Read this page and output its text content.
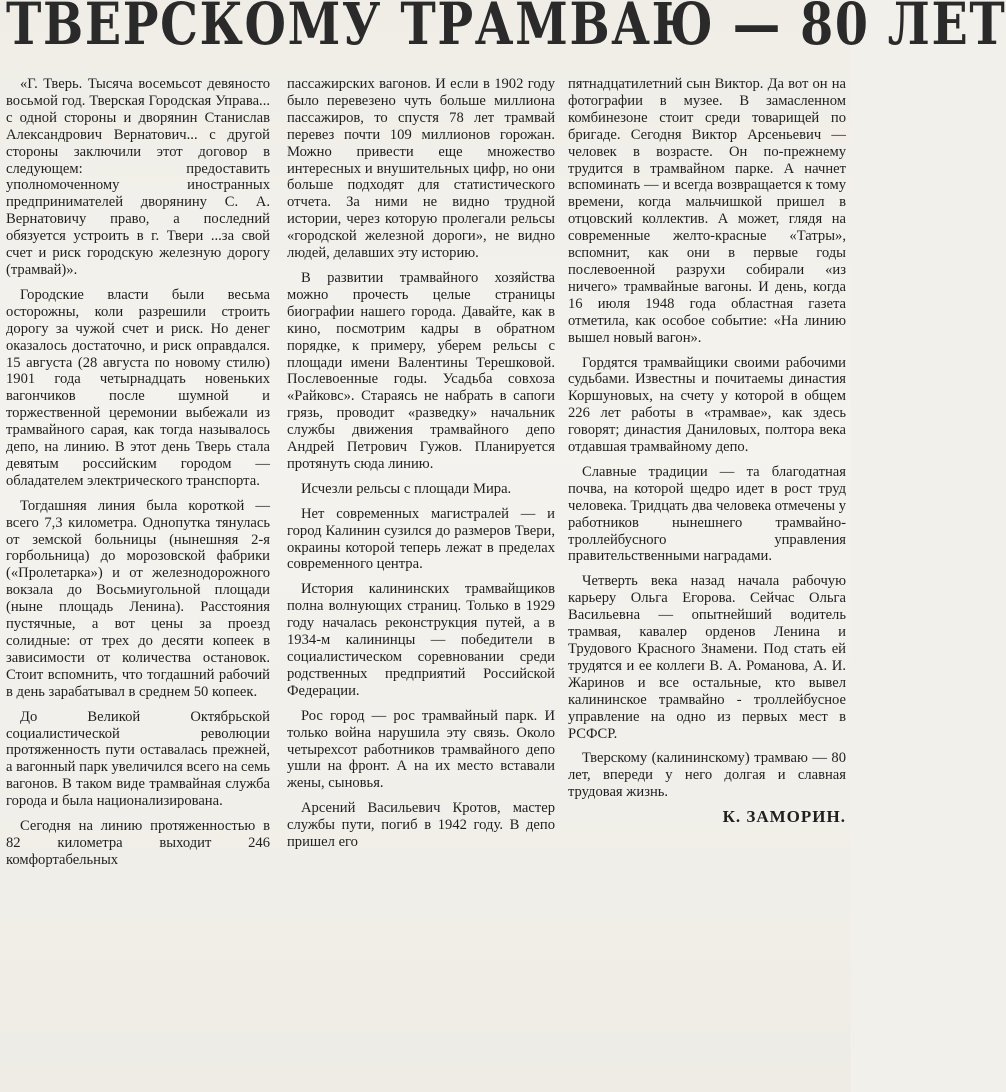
ТВЕРСКОМУ ТРАМВАЮ — 80 ЛЕТ

«Г. Тверь. Тысяча восемьсот девяносто восьмой год. Тверская Городская Управа... с одной стороны и дворянин Станислав Александрович Вернатович... с другой стороны заключили этот договор в следующем: предоставить уполномоченному иностранных предпринимателей дворянину С. А. Вернатовичу право, а последний обязуется устроить в г. Твери ...за свой счет и риск городскую железную дорогу (трамвай)».

Городские власти были весьма осторожны, коли разрешили строить дорогу за чужой счет и риск. Но денег оказалось достаточно, и риск оправдался. 15 августа (28 августа по новому стилю) 1901 года четырнадцать новеньких вагончиков после шумной и торжественной церемонии выбежали из трамвайного сарая, как тогда называлось депо, на линию. В этот день Тверь стала девятым российским городом — обладателем электрического транспорта.

Тогдашняя линия была короткой — всего 7,3 километра. Однопутка тянулась от земской больницы (нынешняя 2-я горбольница) до морозовской фабрики («Пролетарка») и от железнодорожного вокзала до Восьмиугольной площади (ныне площадь Ленина). Расстояния пустячные, а вот цены за проезд солидные: от трех до десяти копеек в зависимости от количества остановок. Стоит вспомнить, что тогдашний рабочий в день зарабатывал в среднем 50 копеек.

До Великой Октябрьской социалистической революции протяженность пути оставалась прежней, а вагонный парк увеличился всего на семь вагонов. В таком виде трамвайная служба города и была национализирована.

Сегодня на линию протяженностью в 82 километра выходит 246 комфортабельных

пассажирских вагонов. И если в 1902 году было перевезено чуть больше миллиона пассажиров, то спустя 78 лет трамвай перевез почти 109 миллионов горожан. Можно привести еще множество интересных и внушительных цифр, но они больше подходят для статистического отчета. За ними не видно трудной истории, через которую пролегали рельсы «городской железной дороги», не видно людей, делавших эту историю.

В развитии трамвайного хозяйства можно прочесть целые страницы биографии нашего города. Давайте, как в кино, посмотрим кадры в обратном порядке, к примеру, уберем рельсы с площади имени Валентины Терешковой. Послевоенные годы. Усадьба совхоза «Райковс». Стараясь не набрать в сапоги грязь, проводит «разведку» начальник службы движения трамвайного депо Андрей Петрович Гужов. Планируется протянуть сюда линию.

Исчезли рельсы с площади Мира.

Нет современных магистралей — и город Калинин сузился до размеров Твери, окраины которой теперь лежат в пределах современного центра.

История калининских трамвайщиков полна волнующих страниц. Только в 1929 году началась реконструкция путей, а в 1934-м калининцы — победители в социалистическом соревновании среди родственных предприятий Российской Федерации.

Рос город — рос трамвайный парк. И только война нарушила эту связь. Около четырехсот работников трамвайного депо ушли на фронт. А на их место вставали жены, сыновья.

Арсений Васильевич Кротов, мастер службы пути, погиб в 1942 году. В депо пришел его

пятнадцатилетний сын Виктор. Да вот он на фотографии в музее. В замасленном комбинезоне стоит среди товарищей по бригаде. Сегодня Виктор Арсеньевич — человек в возрасте. Он по-прежнему трудится в трамвайном парке. А начнет вспоминать — и всегда возвращается к тому времени, когда мальчишкой пришел в отцовский коллектив. А может, глядя на современные желто-красные «Татры», вспомнит, как они в первые годы послевоенной разрухи собирали «из ничего» трамвайные вагоны. И день, когда 16 июля 1948 года областная газета отметила, как особое событие: «На линию вышел новый вагон».

Гордятся трамвайщики своими рабочими судьбами. Известны и почитаемы династия Коршуновых, на счету у которой в общем 226 лет работы в «трамвае», как здесь говорят; династия Даниловых, полтора века отдавшая трамвайному депо.

Славные традиции — та благодатная почва, на которой щедро идет в рост труд человека. Тридцать два человека отмечены у работников нынешнего трамвайно-троллейбусного управления правительственными наградами.

Четверть века назад начала рабочую карьеру Ольга Егорова. Сейчас Ольга Васильевна — опытнейший водитель трамвая, кавалер орденов Ленина и Трудового Красного Знамени. Под стать ей трудятся и ее коллеги В. А. Романова, А. И. Жаринов и все остальные, кто вывел калининское трамвайно - троллейбусное управление на одно из первых мест в РСФСР.

Тверскому (калининскому) трамваю — 80 лет, впереди у него долгая и славная трудовая жизнь.

К. ЗАМОРИН.
